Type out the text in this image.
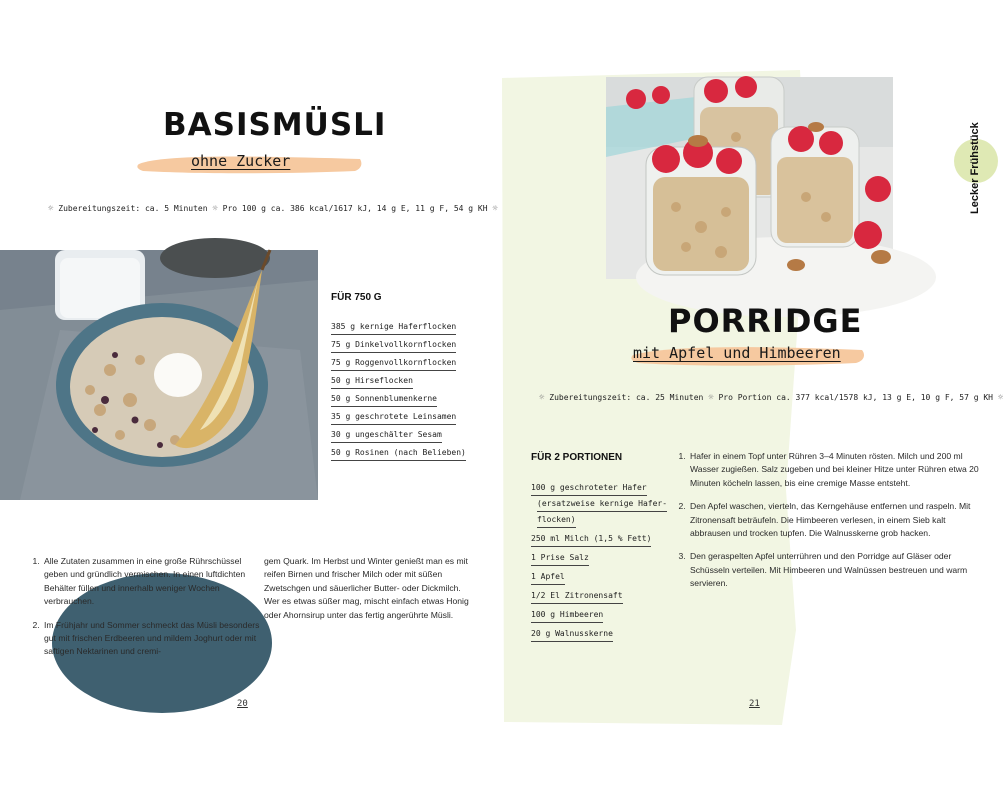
BASISMÜSLI
ohne Zucker
☼ Zubereitungszeit: ca. 5 Minuten ☼ Pro 100 g ca. 386 kcal/1617 kJ, 14 g E, 11 g F, 54 g KH ☼
FÜR 750 G
385 g kernige Haferflocken
75 g Dinkelvollkornflocken
75 g Roggenvollkornflocken
50 g Hirseflocken
50 g Sonnenblumenkerne
35 g geschrotete Leinsamen
30 g ungeschälter Sesam
50 g Rosinen (nach Belieben)
1. Alle Zutaten zusammen in eine große Rührschüssel geben und gründlich vermischen. In einen luftdichten Behälter füllen und innerhalb weniger Wochen verbrauchen.
2. Im Frühjahr und Sommer schmeckt das Müsli besonders gut mit frischen Erdbeeren und mildem Joghurt oder mit saftigen Nektarinen und cremi-

gem Quark. Im Herbst und Winter genießt man es mit reifen Birnen und frischer Milch oder mit süßen Zwetschgen und säuerlicher Butter- oder Dickmilch. Wer es etwas süßer mag, mischt einfach etwas Honig oder Ahornsirup unter das fertig angerührte Müsli.

20
Lecker Frühstück
PORRIDGE
mit Apfel und Himbeeren
☼ Zubereitungszeit: ca. 25 Minuten ☼ Pro Portion ca. 377 kcal/1578 kJ, 13 g E, 10 g F, 57 g KH ☼
FÜR 2 PORTIONEN
100 g geschroteter Hafer
(ersatzweise kernige Hafer-
flocken)
250 ml Milch (1,5 % Fett)
1 Prise Salz
1 Apfel
1/2 El Zitronensaft
100 g Himbeeren
20 g Walnusskerne
1. Hafer in einem Topf unter Rühren 3–4 Minuten rösten. Milch und 200 ml Wasser zugießen. Salz zugeben und bei kleiner Hitze unter Rühren etwa 20 Minuten köcheln lassen, bis eine cremige Masse entsteht.
2. Den Apfel waschen, vierteln, das Kerngehäuse entfernen und raspeln. Mit Zitronensaft beträufeln. Die Himbeeren verlesen, in einem Sieb kalt abbrausen und trocken tupfen. Die Walnusskerne grob hacken.
3. Den geraspelten Apfel unterrühren und den Porridge auf Gläser oder Schüsseln verteilen. Mit Himbeeren und Walnüssen bestreuen und warm servieren.
21
